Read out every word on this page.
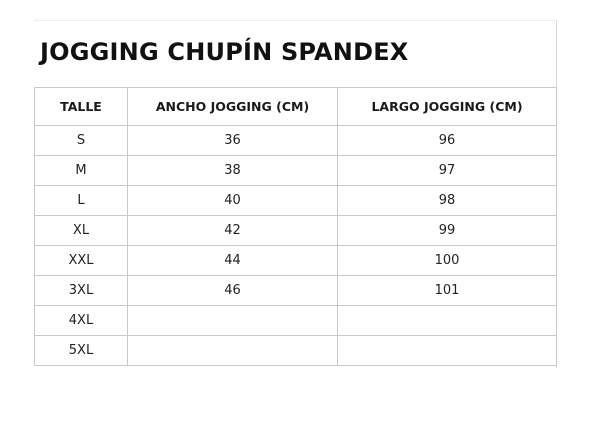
JOGGING CHUPÍN SPANDEX
TALLE	ANCHO JOGGING (CM)	LARGO JOGGING (CM)
S	36	96
M	38	97
L	40	98
XL	42	99
XXL	44	100
3XL	46	101
4XL		
5XL		
